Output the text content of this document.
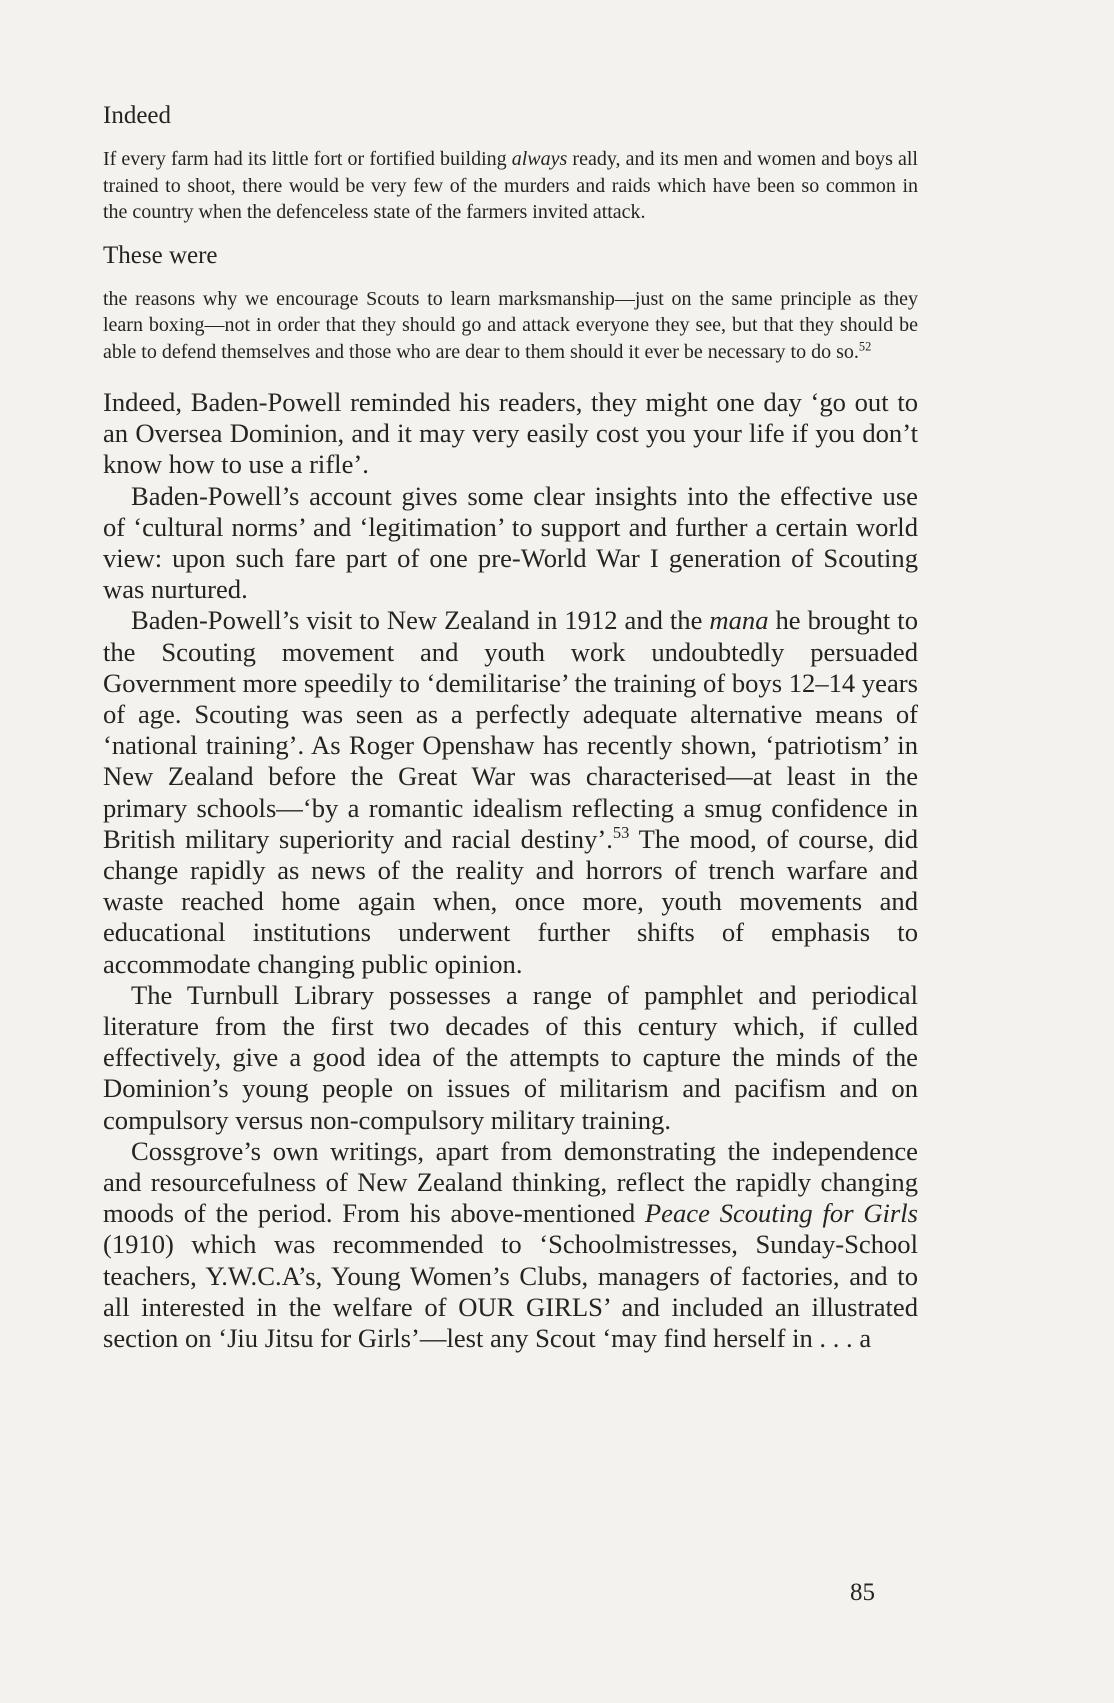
Indeed

If every farm had its little fort or fortified building always ready, and its men and women and boys all trained to shoot, there would be very few of the murders and raids which have been so common in the country when the defenceless state of the farmers invited attack.

These were

the reasons why we encourage Scouts to learn marksmanship—just on the same principle as they learn boxing—not in order that they should go and attack everyone they see, but that they should be able to defend themselves and those who are dear to them should it ever be necessary to do so.$^{52}$

Indeed, Baden-Powell reminded his readers, they might one day ‘go out to an Oversea Dominion, and it may very easily cost you your life if you don’t know how to use a rifle’.

Baden-Powell’s account gives some clear insights into the effective use of ‘cultural norms’ and ‘legitimation’ to support and further a certain world view: upon such fare part of one pre-World War I generation of Scouting was nurtured.

Baden-Powell’s visit to New Zealand in 1912 and the mana he brought to the Scouting movement and youth work undoubtedly persuaded Government more speedily to ‘demilitarise’ the training of boys 12–14 years of age. Scouting was seen as a perfectly adequate alternative means of ‘national training’. As Roger Openshaw has recently shown, ‘patriotism’ in New Zealand before the Great War was characterised—at least in the primary schools—‘by a romantic idealism reflecting a smug confidence in British military superiority and racial destiny’.$^{53}$ The mood, of course, did change rapidly as news of the reality and horrors of trench warfare and waste reached home again when, once more, youth movements and educational institutions underwent further shifts of emphasis to accommodate changing public opinion.

The Turnbull Library possesses a range of pamphlet and periodical literature from the first two decades of this century which, if culled effectively, give a good idea of the attempts to capture the minds of the Dominion’s young people on issues of militarism and pacifism and on compulsory versus non-compulsory military training.

Cossgrove’s own writings, apart from demonstrating the independence and resourcefulness of New Zealand thinking, reflect the rapidly changing moods of the period. From his above-mentioned Peace Scouting for Girls (1910) which was recommended to ‘Schoolmistresses, Sunday-School teachers, Y.W.C.A’s, Young Women’s Clubs, managers of factories, and to all interested in the welfare of OUR GIRLS’ and included an illustrated section on ‘Jiu Jitsu for Girls’—lest any Scout ‘may find herself in . . . a

85
